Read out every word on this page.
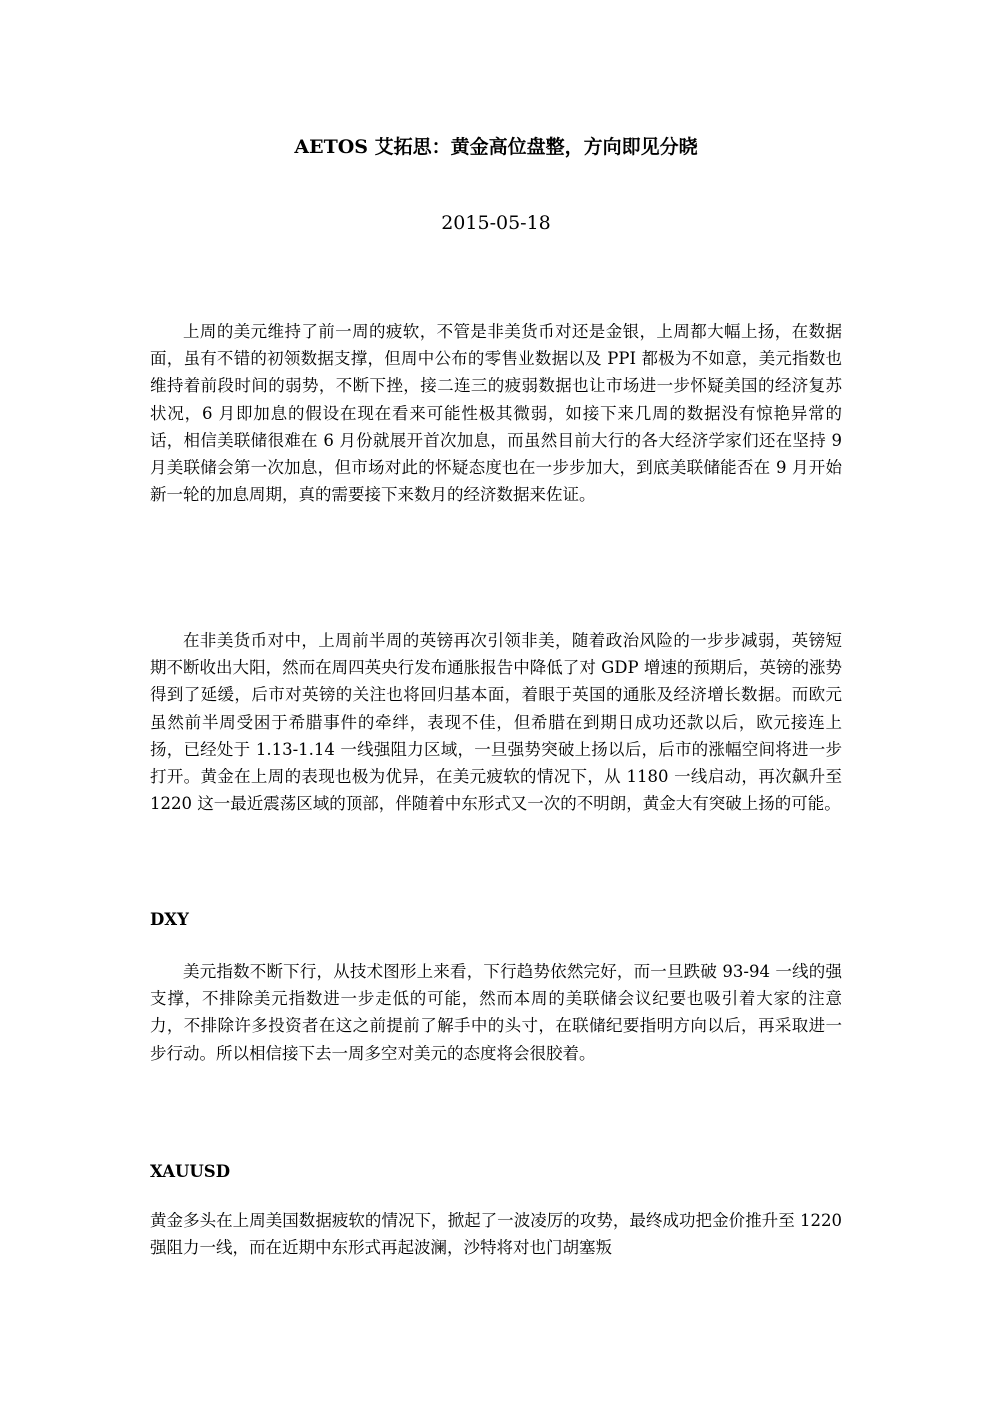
AETOS 艾拓思：黄金高位盘整，方向即见分晓
2015-05-18

上周的美元维持了前一周的疲软，不管是非美货币对还是金银，上周都大幅上扬，在数据面，虽有不错的初领数据支撑，但周中公布的零售业数据以及 PPI 都极为不如意，美元指数也维持着前段时间的弱势，不断下挫，接二连三的疲弱数据也让市场进一步怀疑美国的经济复苏状况，6 月即加息的假设在现在看来可能性极其微弱，如接下来几周的数据没有惊艳异常的话，相信美联储很难在 6 月份就展开首次加息，而虽然目前大行的各大经济学家们还在坚持 9 月美联储会第一次加息，但市场对此的怀疑态度也在一步步加大，到底美联储能否在 9 月开始新一轮的加息周期，真的需要接下来数月的经济数据来佐证。

在非美货币对中，上周前半周的英镑再次引领非美，随着政治风险的一步步减弱，英镑短期不断收出大阳，然而在周四英央行发布通胀报告中降低了对 GDP 增速的预期后，英镑的涨势得到了延缓，后市对英镑的关注也将回归基本面，着眼于英国的通胀及经济增长数据。而欧元虽然前半周受困于希腊事件的牵绊，表现不佳，但希腊在到期日成功还款以后，欧元接连上扬，已经处于 1.13-1.14 一线强阻力区域，一旦强势突破上扬以后，后市的涨幅空间将进一步打开。黄金在上周的表现也极为优异，在美元疲软的情况下，从 1180 一线启动，再次飙升至 1220 这一最近震荡区域的顶部，伴随着中东形式又一次的不明朗，黄金大有突破上扬的可能。

DXY

美元指数不断下行，从技术图形上来看，下行趋势依然完好，而一旦跌破 93-94 一线的强支撑，不排除美元指数进一步走低的可能，然而本周的美联储会议纪要也吸引着大家的注意力，不排除许多投资者在这之前提前了解手中的头寸，在联储纪要指明方向以后，再采取进一步行动。所以相信接下去一周多空对美元的态度将会很胶着。

XAUUSD

黄金多头在上周美国数据疲软的情况下，掀起了一波凌厉的攻势，最终成功把金价推升至 1220 强阻力一线，而在近期中东形式再起波澜，沙特将对也门胡塞叛
